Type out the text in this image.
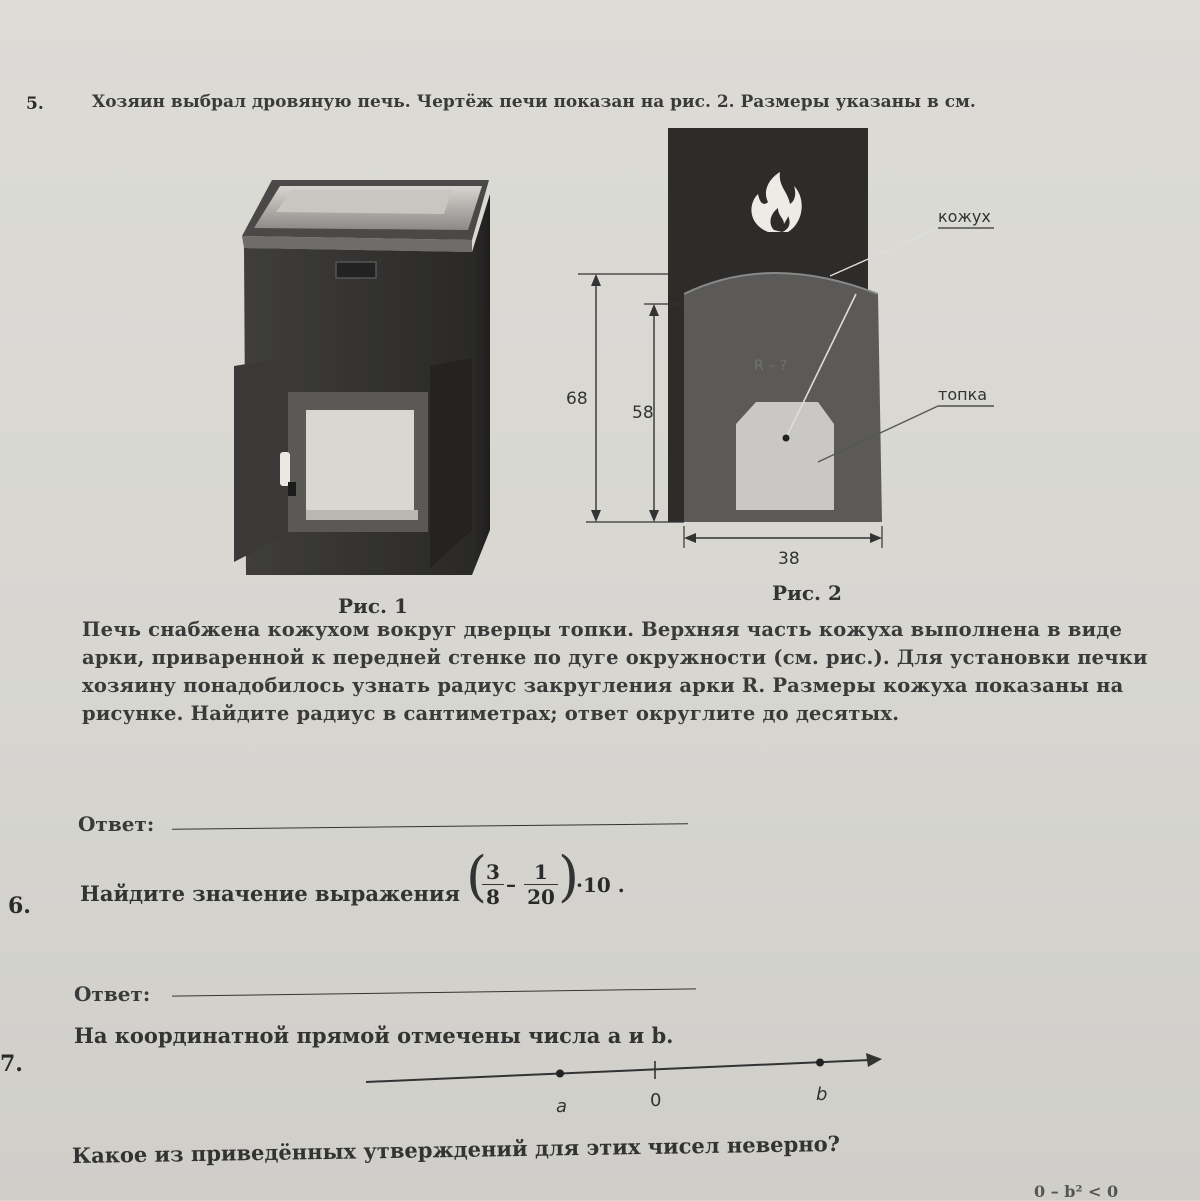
5.	Хозяин выбрал дровяную печь. Чертёж печи показан на рис. 2. Размеры указаны в см.
Рис. 1
кожух
топка
R – ?
68
58
38
Рис. 2
Печь снабжена кожухом вокруг дверцы топки. Верхняя часть кожуха выполнена в виде арки, приваренной к передней стенке по дуге окружности (см. рис.). Для установки печки хозяину понадобилось узнать радиус закругления арки R. Размеры кожуха показаны на рисунке. Найдите радиус в сантиметрах; ответ округлите до десятых.
Ответ:
6. Найдите значение выражения (
$\frac{3}{8} - \frac{1}{20}$ )
·10 .
Ответ:
7.
На координатной прямой отмечены числа a и b.
a	0	b
Какое из приведённых утверждений для этих чисел неверно?
0 – b² < 0
